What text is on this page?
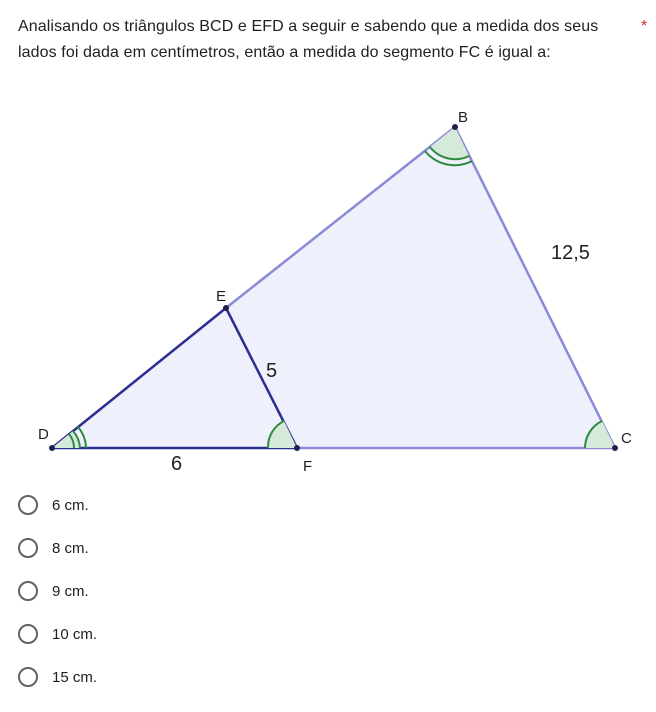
Analisando os triângulos BCD e EFD a seguir e sabendo que a medida dos seus lados foi dada em centímetros, então a medida do segmento FC é igual a:
*
B
C
D
E
F
12,5
5
6
6 cm.
8 cm.
9 cm.
10 cm.
15 cm.
